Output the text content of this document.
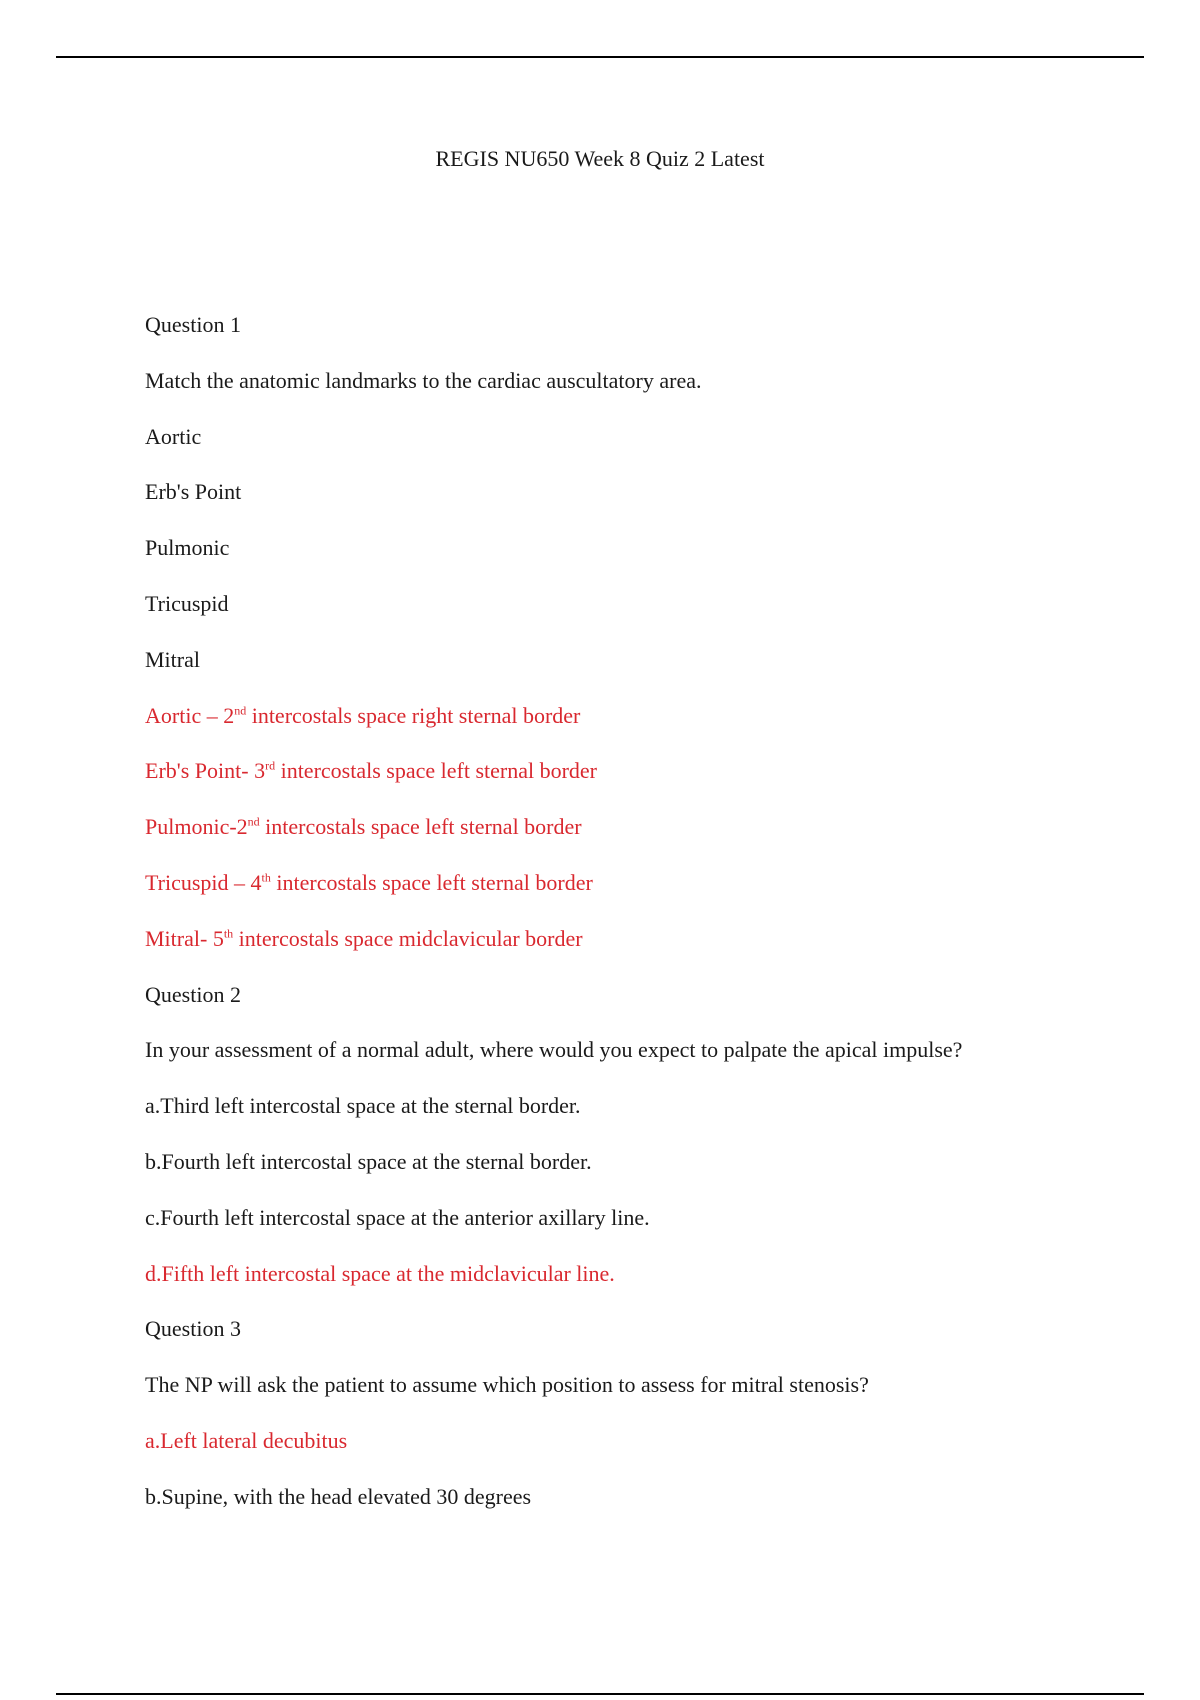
REGIS NU650 Week 8 Quiz 2 Latest
Question 1
Match the anatomic landmarks to the cardiac auscultatory area.
Aortic
Erb's Point
Pulmonic
Tricuspid
Mitral
Aortic – 2nd intercostals space right sternal border
Erb's Point- 3rd intercostals space left sternal border
Pulmonic-2nd intercostals space left sternal border
Tricuspid – 4th intercostals space left sternal border
Mitral- 5th intercostals space midclavicular border
Question 2
In your assessment of a normal adult, where would you expect to palpate the apical impulse?
a.Third left intercostal space at the sternal border.
b.Fourth left intercostal space at the sternal border.
c.Fourth left intercostal space at the anterior axillary line.
d.Fifth left intercostal space at the midclavicular line.
Question 3
The NP will ask the patient to assume which position to assess for mitral stenosis?
a.Left lateral decubitus
b.Supine, with the head elevated 30 degrees
